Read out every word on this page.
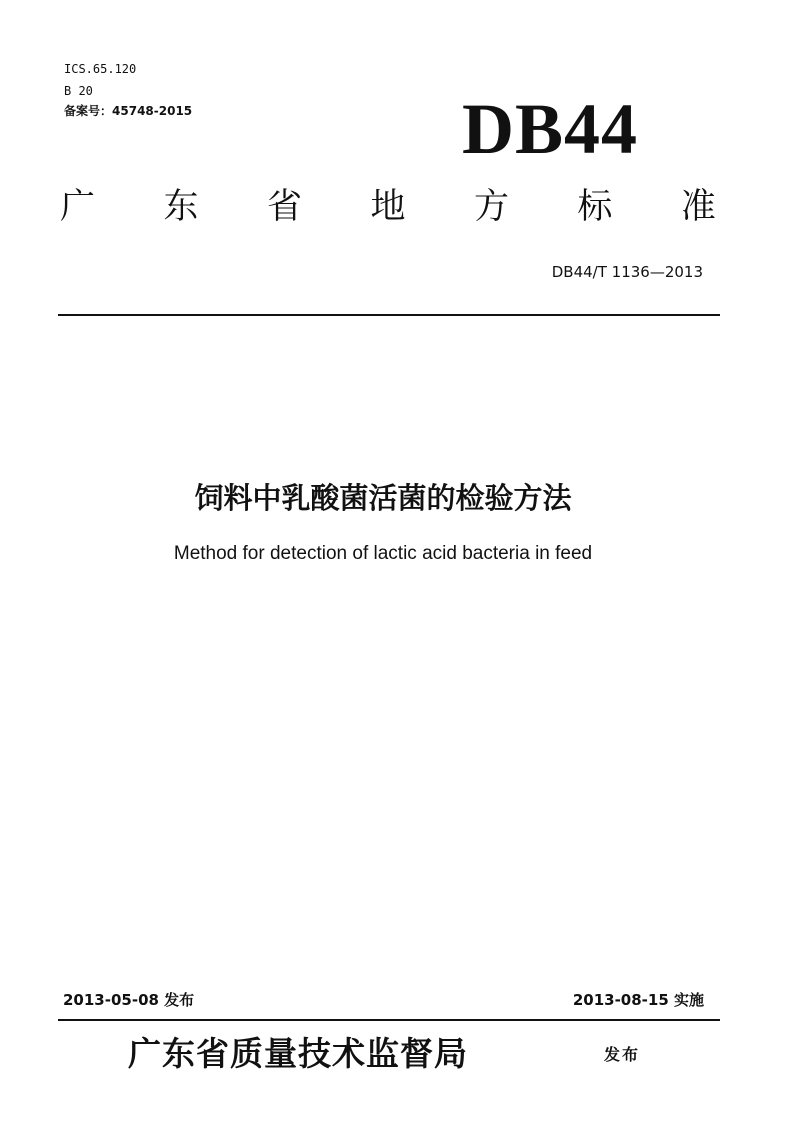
ICS.65.120
B 20
备案号：45748-2015	DB44
广 东 省 地 方 标 准
DB44/T 1136—2013
饲料中乳酸菌活菌的检验方法
Method for detection of lactic acid bacteria in feed
2013-05-08 发布	2013-08-15 实施
广东省质量技术监督局	发布
